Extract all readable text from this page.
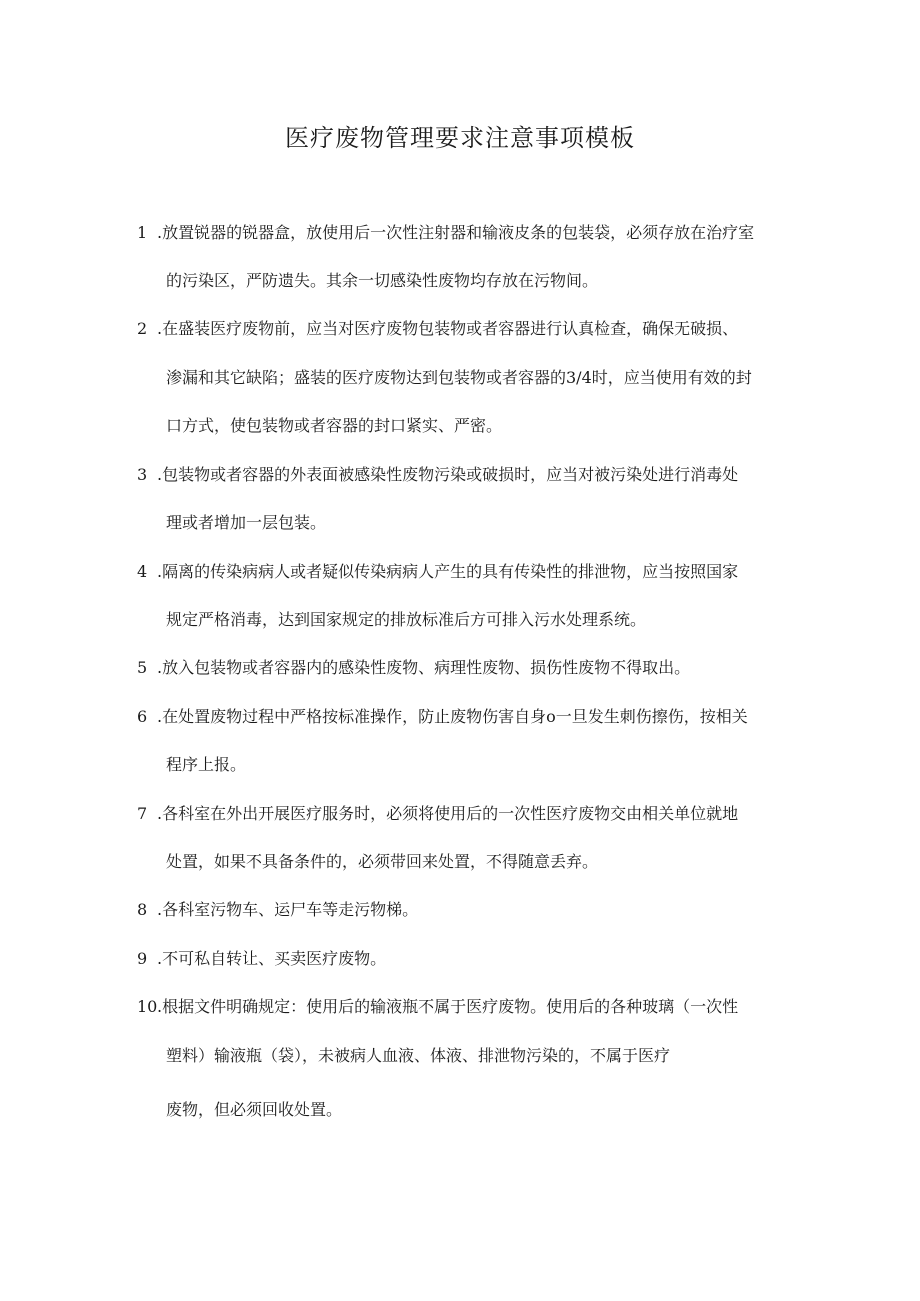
医疗废物管理要求注意事项模板
1 .放置锐器的锐器盒，放使用后一次性注射器和输液皮条的包装袋，必须存放在治疗室
的污染区，严防遗失。其余一切感染性废物均存放在污物间。
2 .在盛装医疗废物前，应当对医疗废物包装物或者容器进行认真检查，确保无破损、
渗漏和其它缺陷；盛装的医疗废物达到包装物或者容器的3/4时，应当使用有效的封
口方式，使包装物或者容器的封口紧实、严密。
3 .包装物或者容器的外表面被感染性废物污染或破损时，应当对被污染处进行消毒处
理或者增加一层包装。
4 .隔离的传染病病人或者疑似传染病病人产生的具有传染性的排泄物，应当按照国家
规定严格消毒，达到国家规定的排放标准后方可排入污水处理系统。
5 .放入包装物或者容器内的感染性废物、病理性废物、损伤性废物不得取出。
6 .在处置废物过程中严格按标准操作，防止废物伤害自身o一旦发生刺伤擦伤，按相关
程序上报。
7 .各科室在外出开展医疗服务时，必须将使用后的一次性医疗废物交由相关单位就地
处置，如果不具备条件的，必须带回来处置，不得随意丢弃。
8 .各科室污物车、运尸车等走污物梯。
9 .不可私自转让、买卖医疗废物。
10 .根据文件明确规定：使用后的输液瓶不属于医疗废物。使用后的各种玻璃（一次性
塑料）输液瓶（袋），未被病人血液、体液、排泄物污染的，不属于医疗
废物，但必须回收处置。
